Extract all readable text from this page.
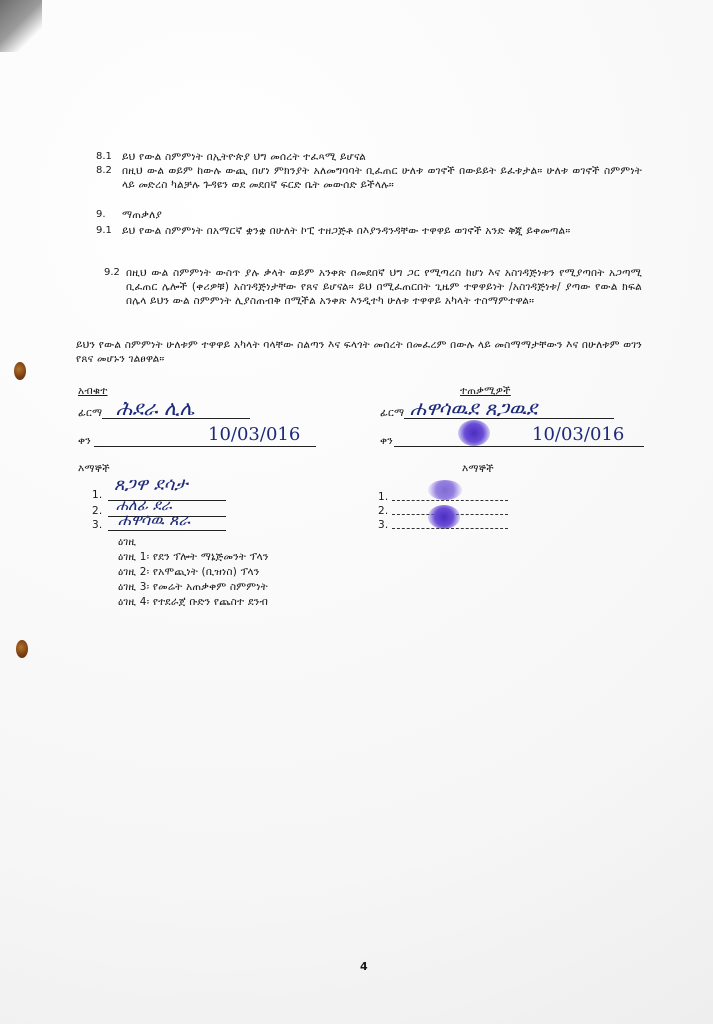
8.1 ይህ የውል ስምምነት በኢትዮጵያ ህግ መሰረት ተፈጻሚ ይሆናል
8.2 በዚህ ውል ወይም ከውሉ ውጪ በሆነ ምክንያት አለመግባባት ቢፈጠር ሁለቱ ወገኖች በውይይት ይፈቱታል። ሁለቱ ወገኖች ስምምነት ላይ መድረስ ካልቻሉ ጉዳዩን ወደ መደበኛ ፍርድ ቤት መውሰድ ይችላሉ።
9. ማጠቃለያ
9.1 ይህ የውል ስምምነት በአማርኛ ቋንቋ በሁለት ኮፒ ተዘጋጅቶ በእያንዳንዳቸው ተዋዋይ ወገኖች አንድ ቅጂ ይቀመጣል።
9.2 በዚህ ውል ስምምነት ውስጥ ያሉ ቃላት ወይም አንቀጽ በመደበኛ ህግ ጋር የሚጣረስ ከሆነ እና አስገዳጅነቱን የሚያጣበት አጋጣሚ ቢፈጠር ሌሎች (ቀሪዎቹ) አስገዳጅነታቸው የጸና ይሆናል። ይህ በሚፈጠርበት ጊዜም ተዋዋይነት /አስገዳጅነቱ/ ያጣው የውል ክፍል በሌላ ይህን ውል ስምምነት ሊያስጠብቅ በሚችል አንቀጽ እንዲተካ ሁለቱ ተዋዋይ አካላት ተስማምተዋል።
ይህን የውል ስምምነት ሁለቱም ተዋዋይ አካላት ባላቸው ስልጣን እና ፍላጎት መሰረት በመፈረም በውሉ ላይ መስማማታቸውን እና በሁለቱም ወገን የጸና መሆኑን ገልፀዋል።
አብቁተ
ፊርማ ሕደራ ሊሌ
ቀን	10/03/016
ተጠቃሚዎች
ፊርማ ሐዋሳዉደ ጸጋዉደ
ቀን	10/03/016
እማኞች
1. ጸጋዋ ደሳታ
2. ሐለፊ ደራ
3. ሐዋሳዉ ጸራ
እማኞች
1.
2.
3.
ዕገዚ
ዕገዚ 1፡ የደን ፕሎት ማኔጅመንት ፕላን
ዕገዚ 2፡ የአሞጪነት (ቢዝነስ) ፕላን
ዕገዚ 3፡ የመሬት አጠቃቀም ስምምነት
ዕገዚ 4፡ የተደራጀ ቡድን የጨስተ ደንብ
4
